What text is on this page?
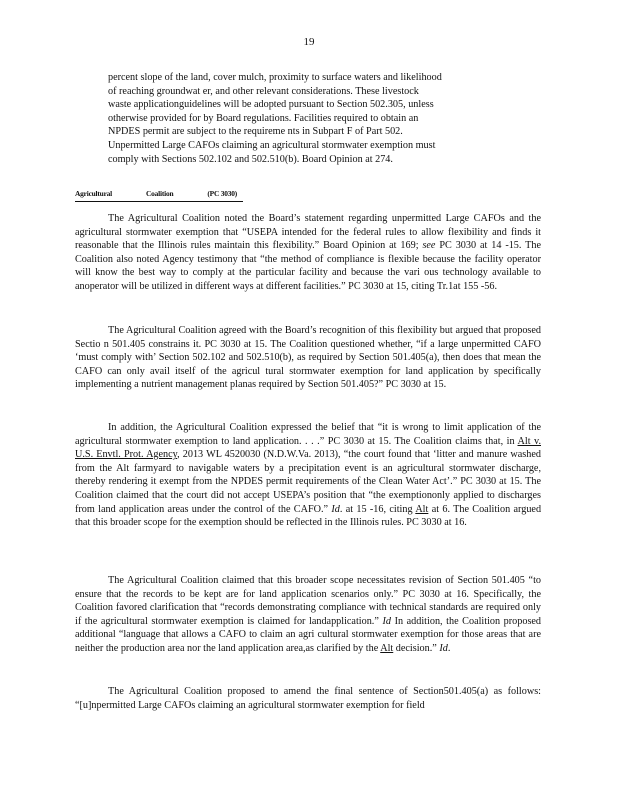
19
percent slope of the land, cover mulch, proximity to surface waters and likelihood
of reaching groundwat er, and other relevant considerations. These livestock
waste applicationguidelines will be adopted pursuant to Section 502.305, unless
otherwise provided for by Board regulations. Facilities required to obtain an
NPDES permit are subject to the requireme nts in Subpart F of Part 502.
Unpermitted Large CAFOs claiming an agricultural stormwater exemption must
comply with Sections 502.102 and 502.510(b). Board Opinion at 274.
Agricultural	Coalition	(PC 3030)

The Agricultural Coalition noted the Board’s statement regarding unpermitted Large CAFOs and the agricultural stormwater exemption that “USEPA intended for the federal rules to allow flexibility and finds it reasonable that the Illinois rules maintain this flexibility.” Board Opinion at 169; see PC 3030 at 14 -15. The Coalition also noted Agency testimony that “the method of compliance is flexible because the facility operator will know the best way to comply at the particular facility and because the vari ous technology available to anoperator will be utilized in different ways at different facilities.” PC 3030 at 15, citing Tr.1at 155 -56.

The Agricultural Coalition agreed with the Board’s recognition of this flexibility but argued that proposed Sectio n 501.405 constrains it. PC 3030 at 15. The Coalition questioned whether, “if a large unpermitted CAFO ‘must comply with’ Section 502.102 and 502.510(b), as required by Section 501.405(a), then does that mean the CAFO can only avail itself of the agricul tural stormwater exemption for land application by specifically implementing a nutrient management planas required by Section 501.405?” PC 3030 at 15.

In addition, the Agricultural Coalition expressed the belief that “it is wrong to limit application of the agricultural stormwater exemption to land application. . . .” PC 3030 at 15. The Coalition claims that, in Alt v. U.S. Envtl. Prot. Agency, 2013 WL 4520030 (N.D.W.Va. 2013), “the court found that ‘litter and manure washed from the Alt farmyard to navigable waters by a precipitation event is an agricultural stormwater discharge, thereby rendering it exempt from the NPDES permit requirements of the Clean Water Act’.” PC 3030 at 15. The Coalition claimed that the court did not accept USEPA’s position that “the exemptiononly applied to discharges from land application areas under the control of the CAFO.” Id. at 15 -16, citing Alt at 6. The Coalition argued that this broader scope for the exemption should be reflected in the Illinois rules. PC 3030 at 16.

The Agricultural Coalition claimed that this broader scope necessitates revision of Section 501.405 “to ensure that the records to be kept are for land application scenarios only.” PC 3030 at 16. Specifically, the Coalition favored clarification that “records demonstrating compliance with technical standards are required only if the agricultural stormwater exemption is claimed for landapplication.” Id In addition, the Coalition proposed additional “language that allows a CAFO to claim an agri cultural stormwater exemption for those areas that are neither the production area nor the land application area,as clarified by the Alt decision.” Id.

The Agricultural Coalition proposed to amend the final sentence of Section501.405(a) as follows: “[u]npermitted Large CAFOs claiming an agricultural stormwater exemption for field
